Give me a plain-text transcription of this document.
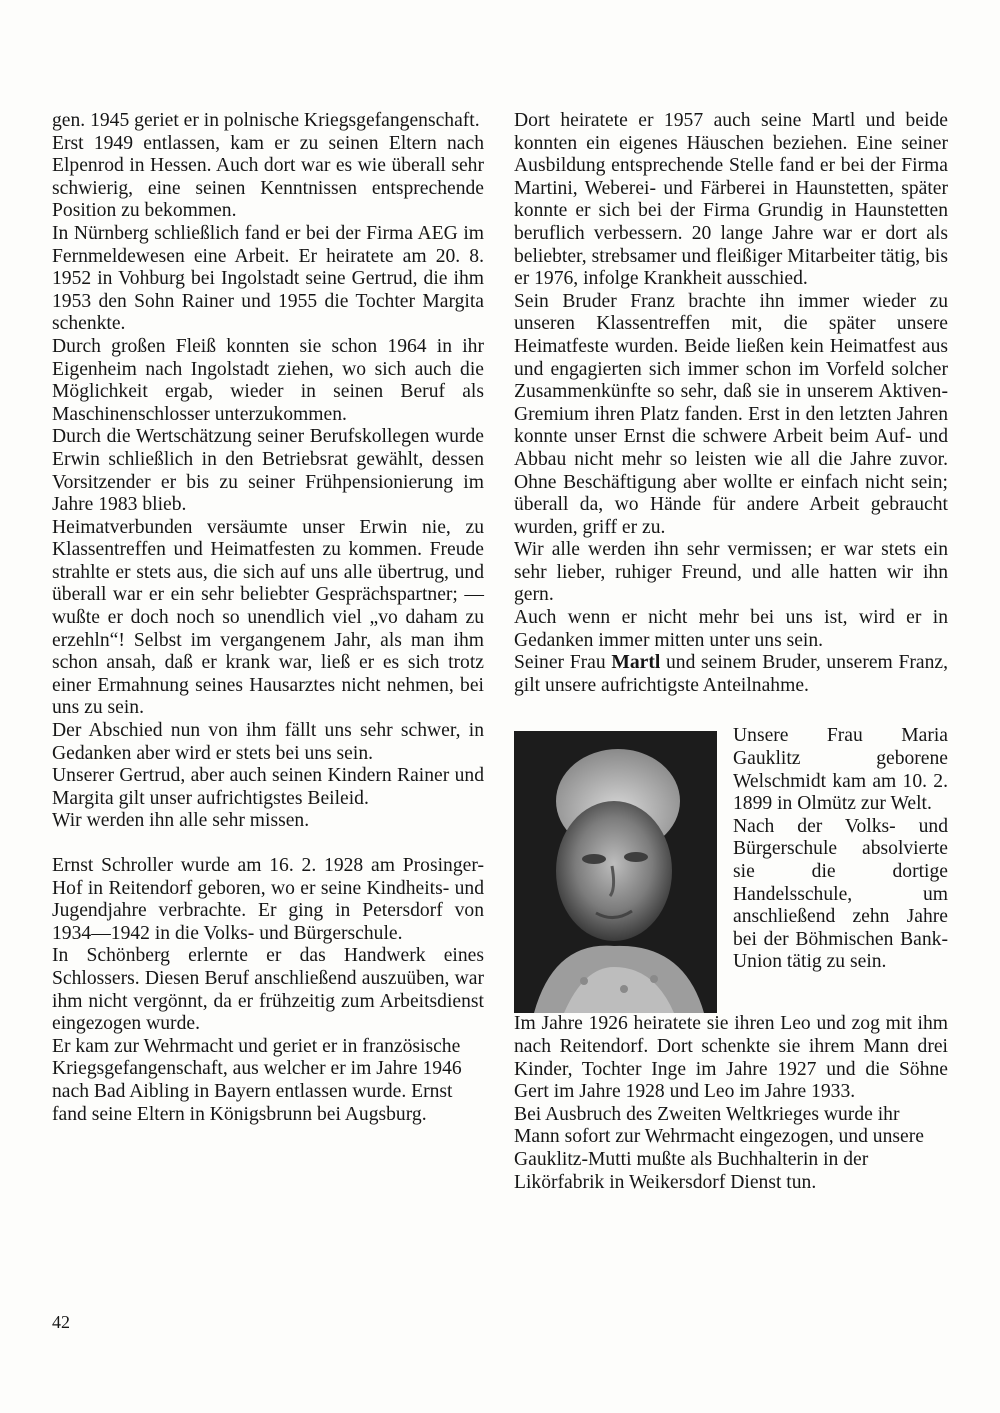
gen. 1945 geriet er in polnische Kriegsgefangenschaft.

Erst 1949 entlassen, kam er zu seinen Eltern nach Elpenrod in Hessen. Auch dort war es wie überall sehr schwierig, eine seinen Kenntnissen entsprechende Position zu bekommen.

In Nürnberg schließlich fand er bei der Firma AEG im Fernmeldewesen eine Arbeit. Er heiratete am 20. 8. 1952 in Vohburg bei Ingolstadt seine Gertrud, die ihm 1953 den Sohn Rainer und 1955 die Tochter Margita schenkte.

Durch großen Fleiß konnten sie schon 1964 in ihr Eigenheim nach Ingolstadt ziehen, wo sich auch die Möglichkeit ergab, wieder in seinen Beruf als Maschinenschlosser unterzukommen.

Durch die Wertschätzung seiner Berufskollegen wurde Erwin schließlich in den Betriebsrat gewählt, dessen Vorsitzender er bis zu seiner Frühpensionierung im Jahre 1983 blieb.

Heimatverbunden versäumte unser Erwin nie, zu Klassentreffen und Heimatfesten zu kommen. Freude strahlte er stets aus, die sich auf uns alle übertrug, und überall war er ein sehr beliebter Gesprächspartner; — wußte er doch noch so unendlich viel „vo daham zu erzehln“! Selbst im vergangenem Jahr, als man ihm schon ansah, daß er krank war, ließ er es sich trotz einer Ermahnung seines Hausarztes nicht nehmen, bei uns zu sein.

Der Abschied nun von ihm fällt uns sehr schwer, in Gedanken aber wird er stets bei uns sein.

Unserer Gertrud, aber auch seinen Kindern Rainer und Margita gilt unser aufrichtigstes Beileid.

Wir werden ihn alle sehr missen.

Ernst Schroller wurde am 16. 2. 1928 am Prosinger-Hof in Reitendorf geboren, wo er seine Kindheits- und Jugendjahre verbrachte. Er ging in Petersdorf von 1934—1942 in die Volks- und Bürgerschule.

In Schönberg erlernte er das Handwerk eines Schlossers. Diesen Beruf anschließend auszuüben, war ihm nicht vergönnt, da er frühzeitig zum Arbeitsdienst eingezogen wurde.

Er kam zur Wehrmacht und geriet er in französische Kriegsgefangenschaft, aus welcher er im Jahre 1946 nach Bad Aibling in Bayern entlassen wurde. Ernst fand seine Eltern in Königsbrunn bei Augsburg.

Dort heiratete er 1957 auch seine Martl und beide konnten ein eigenes Häuschen beziehen. Eine seiner Ausbildung entsprechende Stelle fand er bei der Firma Martini, Weberei- und Färberei in Haunstetten, später konnte er sich bei der Firma Grundig in Haunstetten beruflich verbessern. 20 lange Jahre war er dort als beliebter, strebsamer und fleißiger Mitarbeiter tätig, bis er 1976, infolge Krankheit ausschied.

Sein Bruder Franz brachte ihn immer wieder zu unseren Klassentreffen mit, die später unsere Heimatfeste wurden. Beide ließen kein Heimatfest aus und engagierten sich immer schon im Vorfeld solcher Zusammenkünfte so sehr, daß sie in unserem Aktiven-Gremium ihren Platz fanden. Erst in den letzten Jahren konnte unser Ernst die schwere Arbeit beim Auf- und Abbau nicht mehr so leisten wie all die Jahre zuvor. Ohne Beschäftigung aber wollte er einfach nicht sein; überall da, wo Hände für andere Arbeit gebraucht wurden, griff er zu.

Wir alle werden ihn sehr vermissen; er war stets ein sehr lieber, ruhiger Freund, und alle hatten wir ihn gern.

Auch wenn er nicht mehr bei uns ist, wird er in Gedanken immer mitten unter uns sein.

Seiner Frau Martl und seinem Bruder, unserem Franz, gilt unsere aufrichtigste Anteilnahme.

Unsere Frau Maria Gauklitz geborene Welschmidt kam am 10. 2. 1899 in Olmütz zur Welt.

Nach der Volks- und Bürgerschule absolvierte sie die dortige Handelsschule, um anschließend zehn Jahre bei der Böhmischen Bank-Union tätig zu sein.

Im Jahre 1926 heiratete sie ihren Leo und zog mit ihm nach Reitendorf. Dort schenkte sie ihrem Mann drei Kinder, Tochter Inge im Jahre 1927 und die Söhne Gert im Jahre 1928 und Leo im Jahre 1933.

Bei Ausbruch des Zweiten Weltkrieges wurde ihr Mann sofort zur Wehrmacht eingezogen, und unsere Gauklitz-Mutti mußte als Buchhalterin in der Likörfabrik in Weikersdorf Dienst tun.

42
